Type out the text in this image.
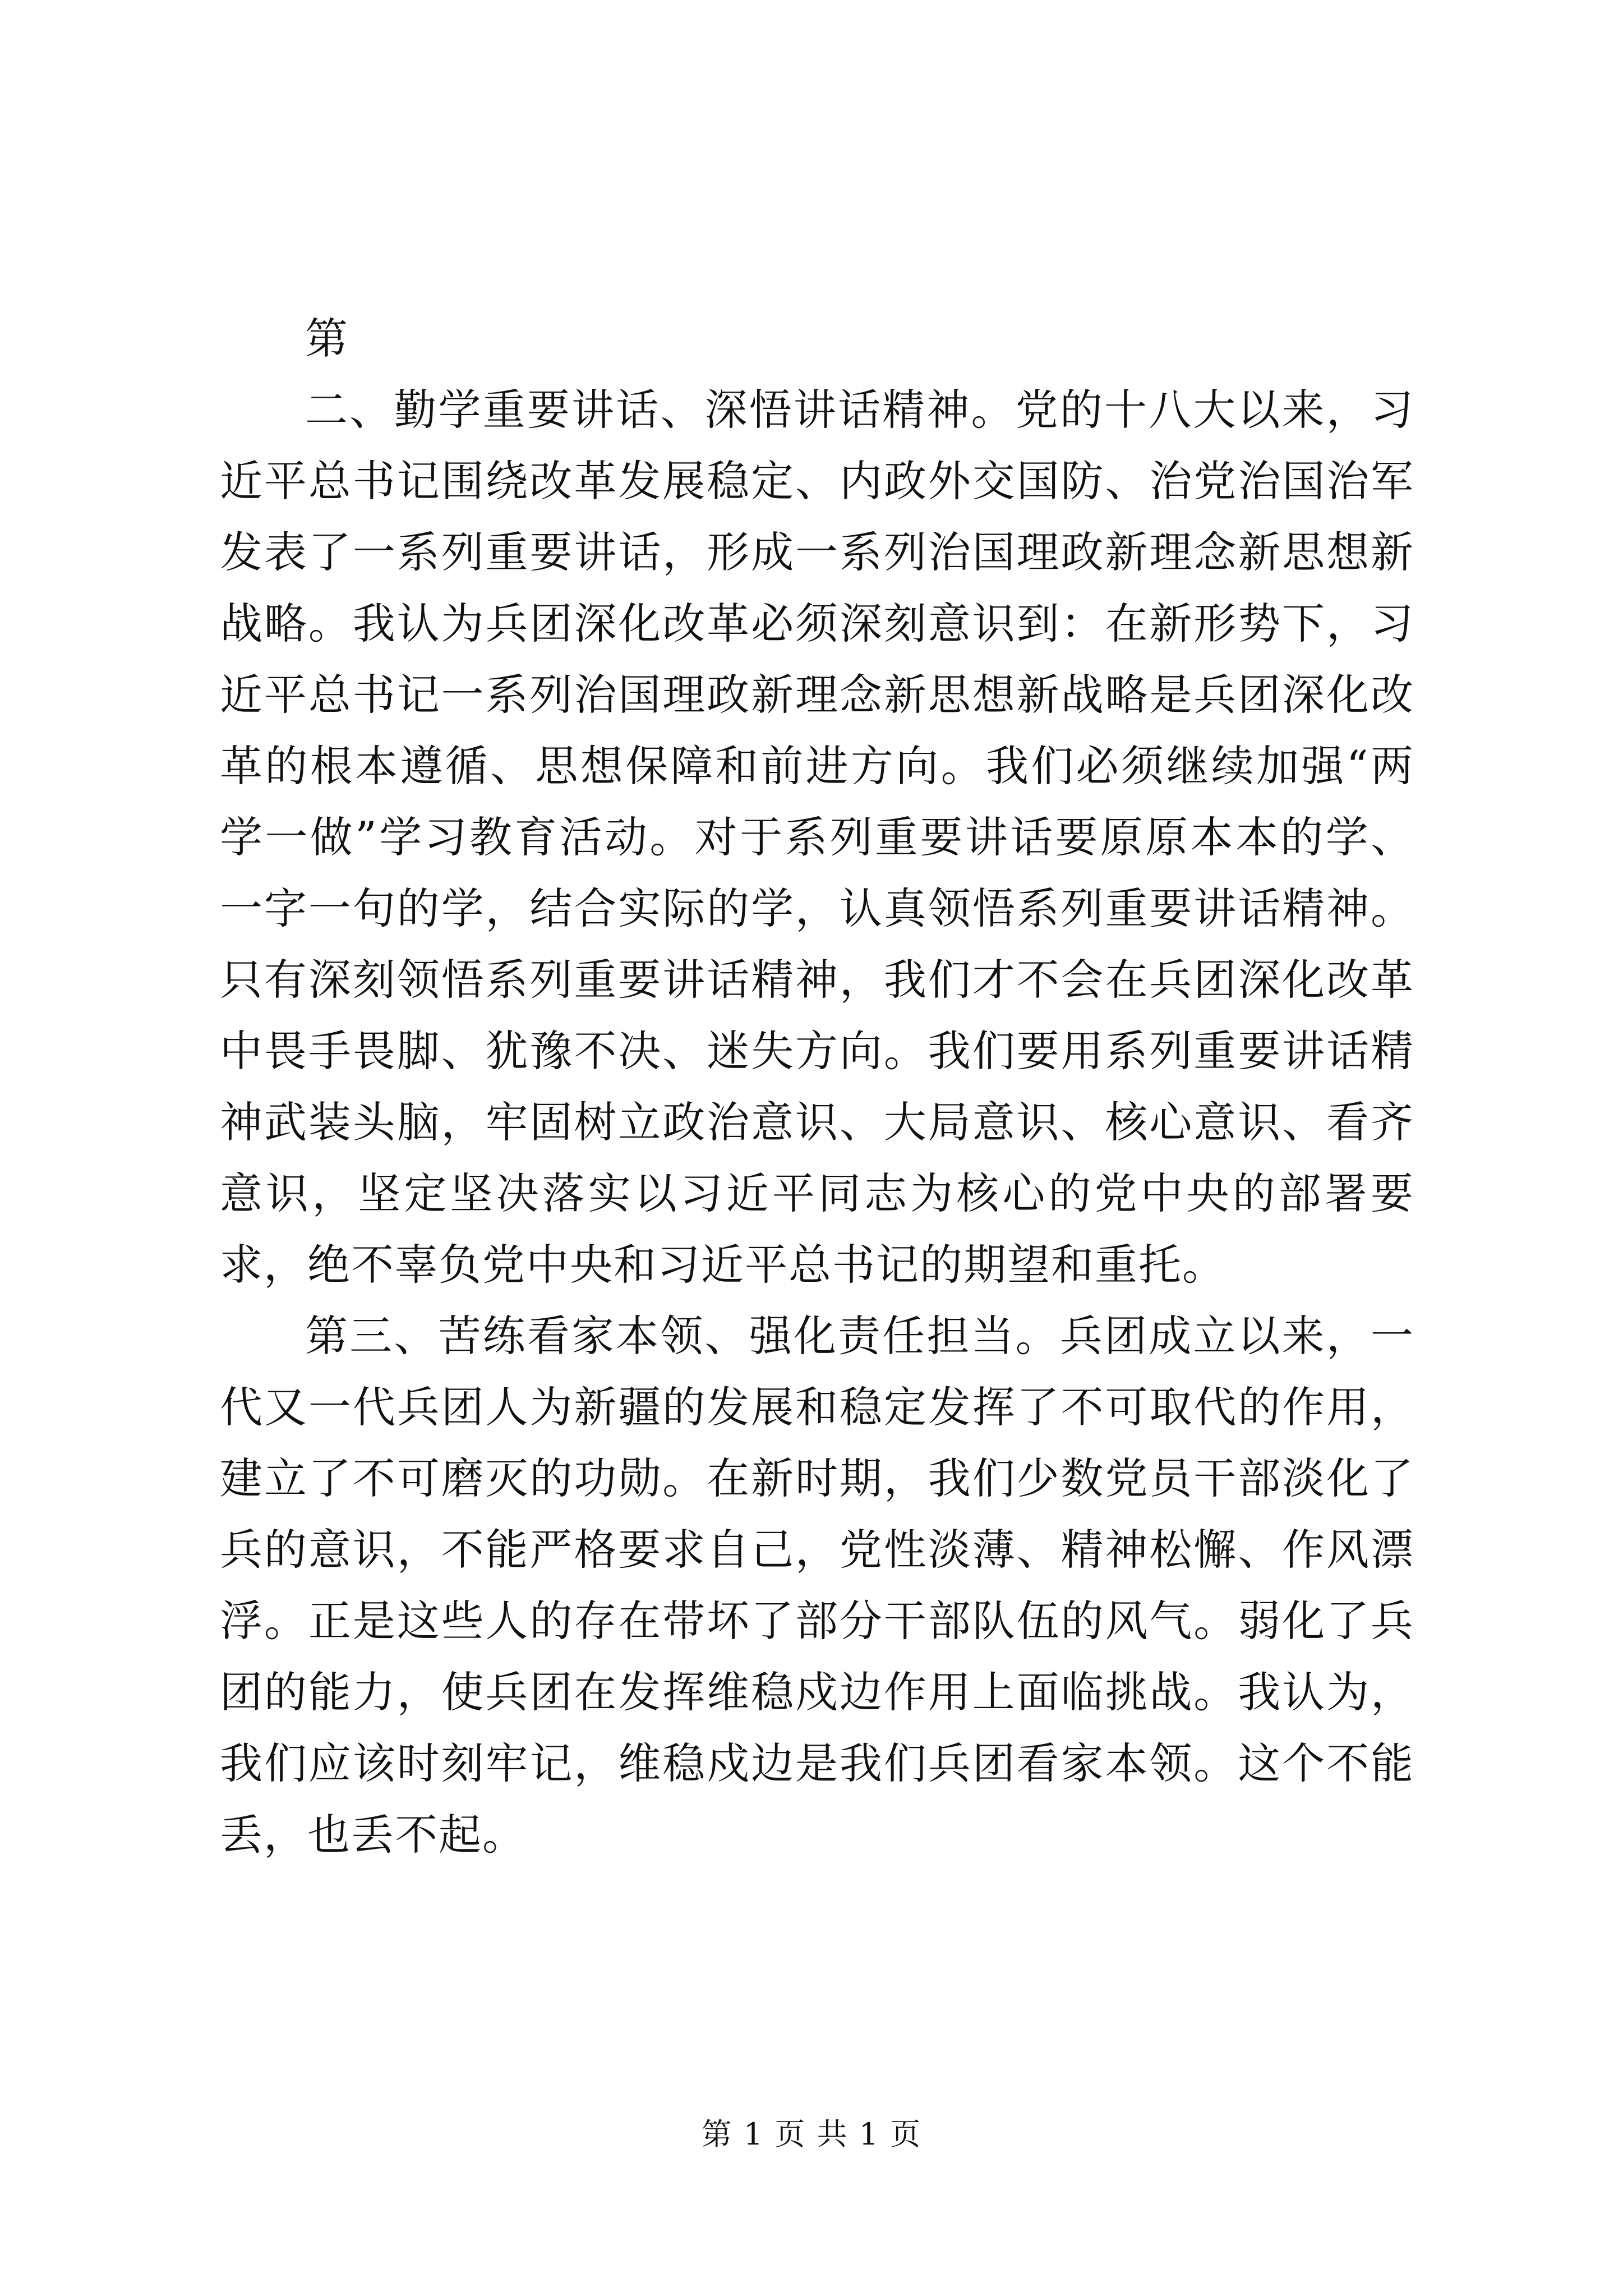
第

二、勤学重要讲话、深悟讲话精神。党的十八大以来，习近平总书记围绕改革发展稳定、内政外交国防、治党治国治军发表了一系列重要讲话，形成一系列治国理政新理念新思想新战略。我认为兵团深化改革必须深刻意识到：在新形势下，习近平总书记一系列治国理政新理念新思想新战略是兵团深化改革的根本遵循、思想保障和前进方向。我们必须继续加强“两学一做”学习教育活动。对于系列重要讲话要原原本本的学、一字一句的学，结合实际的学，认真领悟系列重要讲话精神。只有深刻领悟系列重要讲话精神，我们才不会在兵团深化改革中畏手畏脚、犹豫不决、迷失方向。我们要用系列重要讲话精神武装头脑，牢固树立政治意识、大局意识、核心意识、看齐意识，坚定坚决落实以习近平同志为核心的党中央的部署要求，绝不辜负党中央和习近平总书记的期望和重托。

第三、苦练看家本领、强化责任担当。兵团成立以来，一代又一代兵团人为新疆的发展和稳定发挥了不可取代的作用，建立了不可磨灭的功勋。在新时期，我们少数党员干部淡化了兵的意识，不能严格要求自己，党性淡薄、精神松懈、作风漂浮。正是这些人的存在带坏了部分干部队伍的风气。弱化了兵团的能力，使兵团在发挥维稳戍边作用上面临挑战。我认为，我们应该时刻牢记，维稳戍边是我们兵团看家本领。这个不能丢，也丢不起。

第 1 页 共 1 页
